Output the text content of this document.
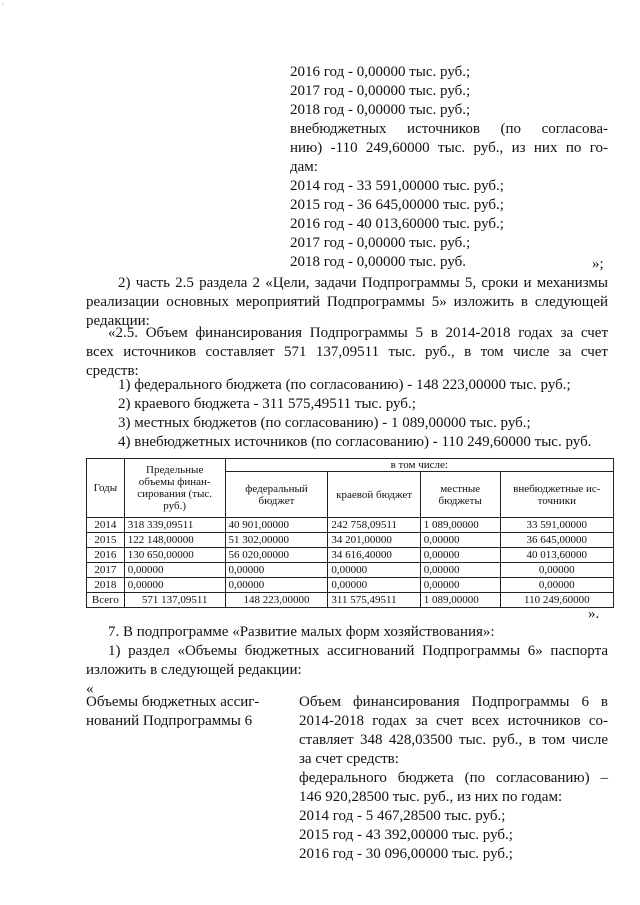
'
2016 год - 0,00000 тыс. руб.;
2017 год - 0,00000 тыс. руб.;
2018 год - 0,00000 тыс. руб.;
внебюджетных источников (по согласова-
нию) -110 249,60000 тыс. руб., из них по го-
дам:
2014 год - 33 591,00000 тыс. руб.;
2015 год - 36 645,00000 тыс. руб.;
2016 год - 40 013,60000 тыс. руб.;
2017 год - 0,00000 тыс. руб.;
2018 год - 0,00000 тыс. руб.	»;
2) часть 2.5 раздела 2 «Цели, задачи Подпрограммы 5, сроки и механизмы
реализации основных мероприятий Подпрограммы 5» изложить в следующей
редакции:
«2.5. Объем финансирования Подпрограммы 5 в 2014-2018 годах за счет
всех источников составляет 571 137,09511 тыс. руб., в том числе за счет
средств:
1) федерального бюджета (по согласованию) - 148 223,00000 тыс. руб.;
2) краевого бюджета - 311 575,49511 тыс. руб.;
3) местных бюджетов (по согласованию) - 1 089,00000 тыс. руб.;
4) внебюджетных источников (по согласованию) - 110 249,60000 тыс. руб.
Годы	Предельные объемы финан-сирования (тыс. руб.)	в том числе:			
		федеральный бюджет	краевой бюджет	местные бюджеты	внебюджетные ис-точники
2014	318 339,09511	40 901,00000	242 758,09511	1 089,00000	33 591,00000
2015	122 148,00000	51 302,00000	34 201,00000	0,00000	36 645,00000
2016	130 650,00000	56 020,00000	34 616,40000	0,00000	40 013,60000
2017	0,00000	0,00000	0,00000	0,00000	0,00000
2018	0,00000	0,00000	0,00000	0,00000	0,00000
Всего	571 137,09511	148 223,00000	311 575,49511	1 089,00000	110 249,60000
».
7. В подпрограмме «Развитие малых форм хозяйствования»:
1) раздел «Объемы бюджетных ассигнований Подпрограммы 6» паспорта
изложить в следующей редакции:
«
Объемы бюджетных ассиг-
нований Подпрограммы 6
Объем финансирования Подпрограммы 6 в
2014-2018 годах за счет всех источников со-
ставляет 348 428,03500 тыс. руб., в том числе
за счет средств:
федерального бюджета (по согласованию) –
146 920,28500 тыс. руб., из них по годам:
2014 год - 5 467,28500 тыс. руб.;
2015 год - 43 392,00000 тыс. руб.;
2016 год - 30 096,00000 тыс. руб.;
